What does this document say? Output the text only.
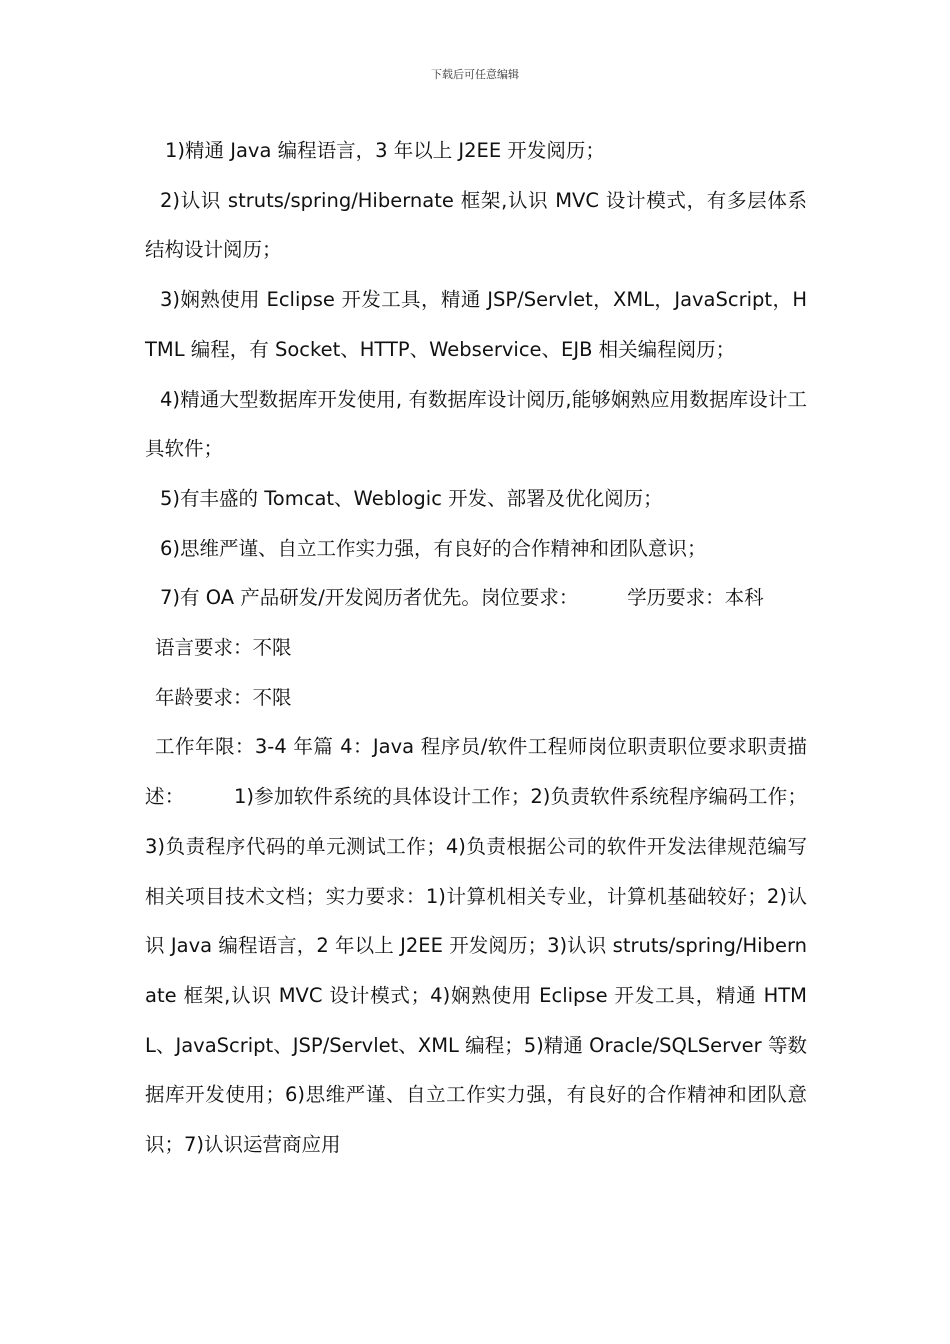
下载后可任意编辑

1)精通 Java 编程语言，3 年以上 J2EE 开发阅历；

2)认识 struts/spring/Hibernate 框架,认识 MVC 设计模式，有多层体系结构设计阅历；

3)娴熟使用 Eclipse 开发工具，精通 JSP/Servlet，XML，JavaScript，HTML 编程，有 Socket、HTTP、Webservice、EJB 相关编程阅历；

4)精通大型数据库开发使用, 有数据库设计阅历,能够娴熟应用数据库设计工具软件；

5)有丰盛的 Tomcat、Weblogic 开发、部署及优化阅历；

6)思维严谨、自立工作实力强，有良好的合作精神和团队意识；

7)有 OA 产品研发/开发阅历者优先。岗位要求：　　　学历要求：本科

语言要求：不限

年龄要求：不限

工作年限：3-4 年篇 4：Java 程序员/软件工程师岗位职责职位要求职责描述：　　　1)参加软件系统的具体设计工作；2)负责软件系统程序编码工作；3)负责程序代码的单元测试工作；4)负责根据公司的软件开发法律规范编写相关项目技术文档；实力要求：1)计算机相关专业，计算机基础较好；2)认识 Java 编程语言，2 年以上 J2EE 开发阅历；3)认识 struts/spring/Hibernate 框架,认识 MVC 设计模式；4)娴熟使用 Eclipse 开发工具，精通 HTML、JavaScript、JSP/Servlet、XML 编程；5)精通 Oracle/SQLServer 等数据库开发使用；6)思维严谨、自立工作实力强，有良好的合作精神和团队意识；7)认识运营商应用
